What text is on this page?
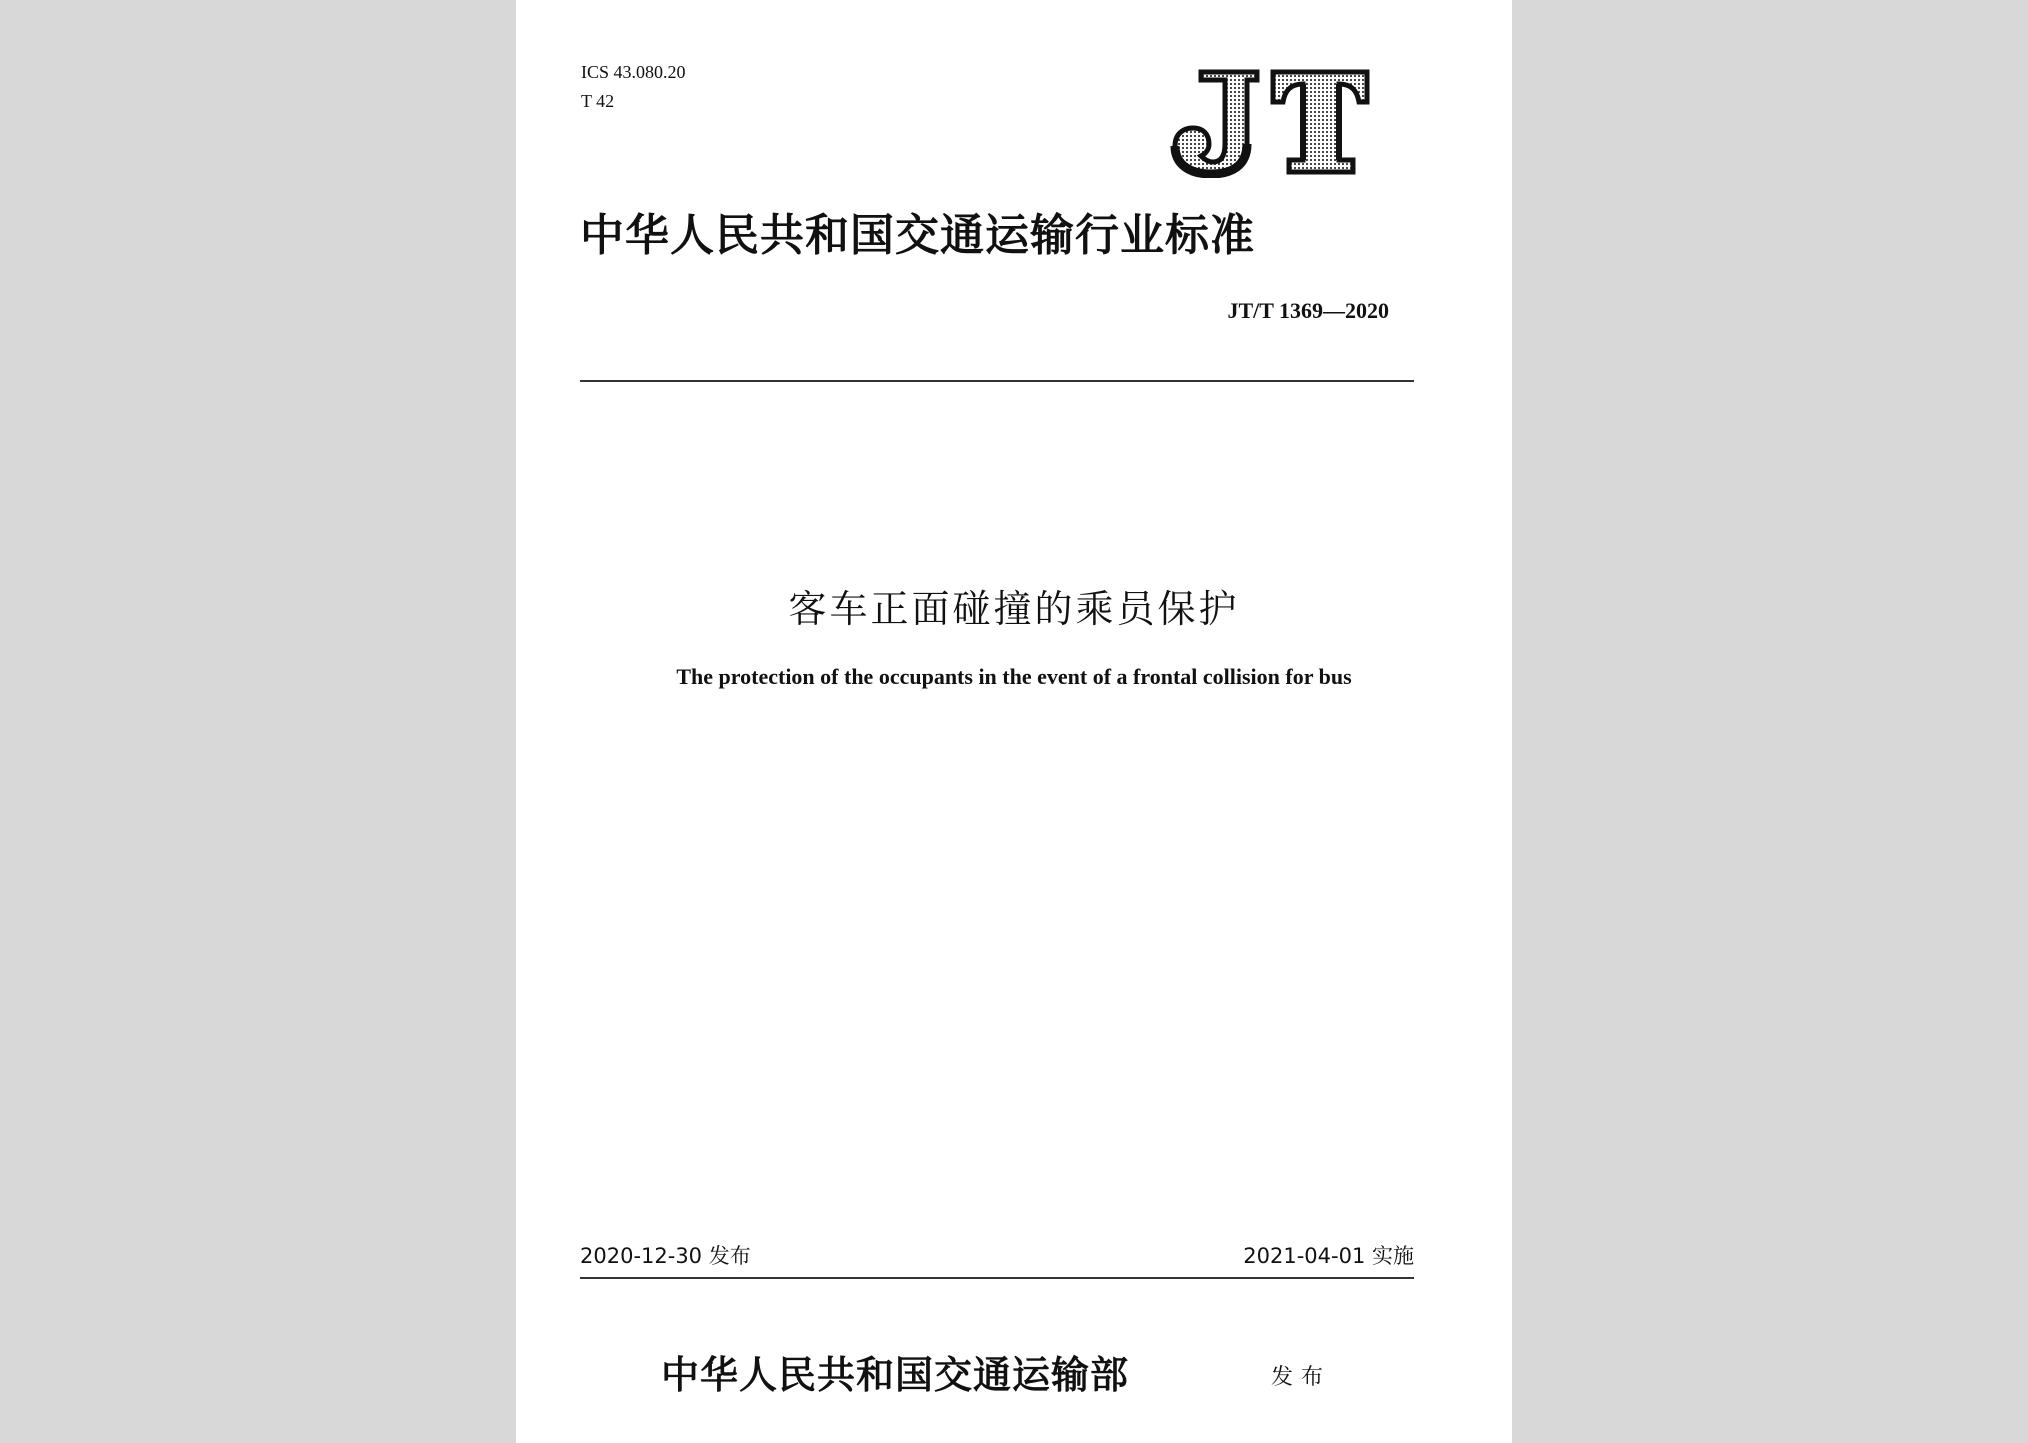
ICS 43.080.20
T 42
中华人民共和国交通运输行业标准
JT/T 1369—2020
客车正面碰撞的乘员保护
The protection of the occupants in the event of a frontal collision for bus
2020-12-30 发布	2021-04-01 实施
中华人民共和国交通运输部	发布
